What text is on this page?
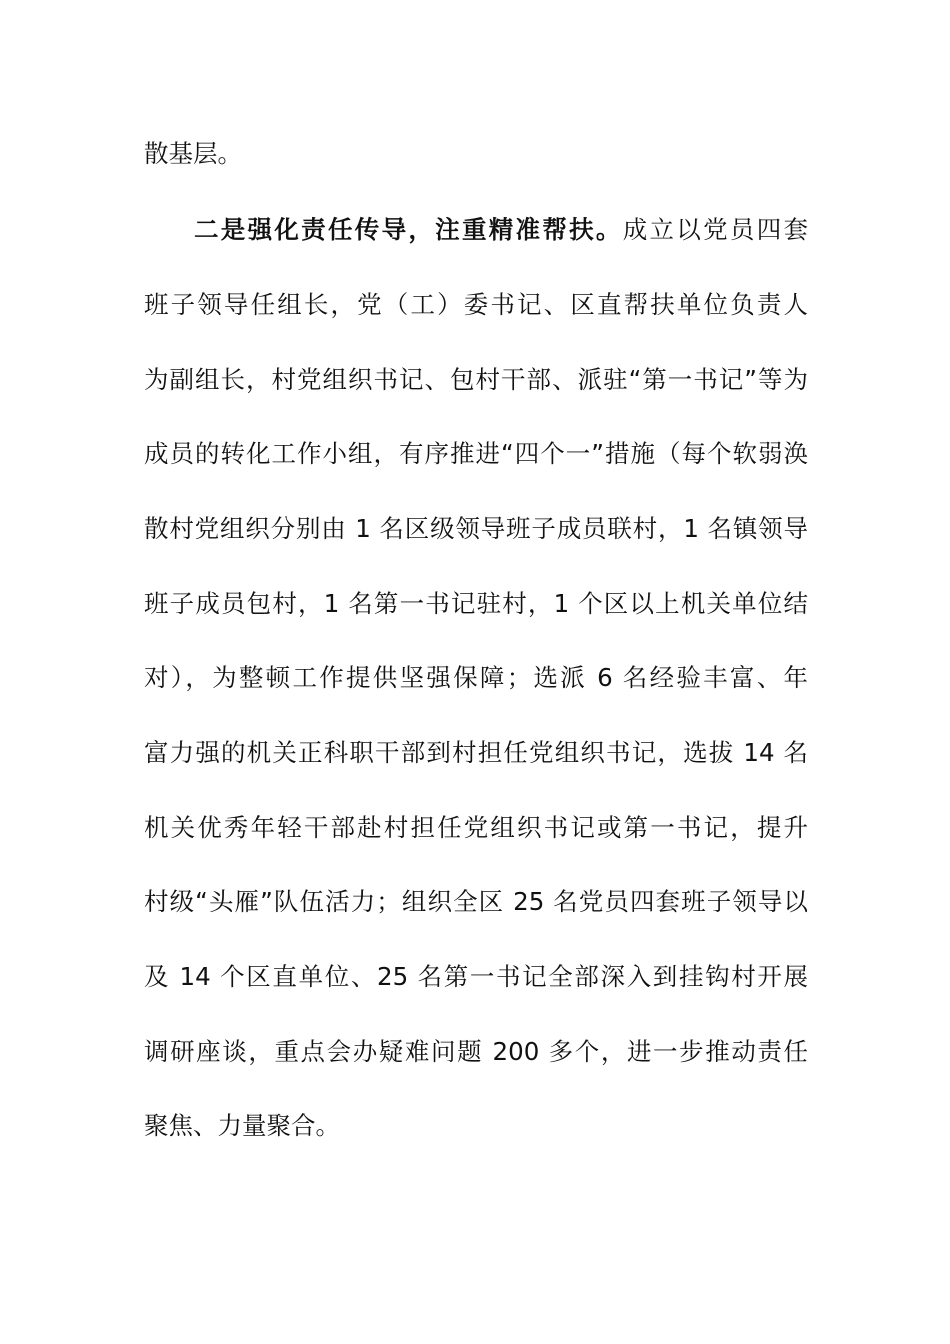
散基层。
二是强化责任传导，注重精准帮扶。成立以党员四套
班子领导任组长，党（工）委书记、区直帮扶单位负责人
为副组长，村党组织书记、包村干部、派驻“第一书记”等为
成员的转化工作小组，有序推进“四个一”措施（每个软弱涣
散村党组织分别由 1 名区级领导班子成员联村，1 名镇领导
班子成员包村，1 名第一书记驻村，1 个区以上机关单位结
对），为整顿工作提供坚强保障；选派 6 名经验丰富、年
富力强的机关正科职干部到村担任党组织书记，选拔 14 名
机关优秀年轻干部赴村担任党组织书记或第一书记，提升
村级“头雁”队伍活力；组织全区 25 名党员四套班子领导以
及 14 个区直单位、25 名第一书记全部深入到挂钩村开展
调研座谈，重点会办疑难问题 200 多个，进一步推动责任
聚焦、力量聚合。
